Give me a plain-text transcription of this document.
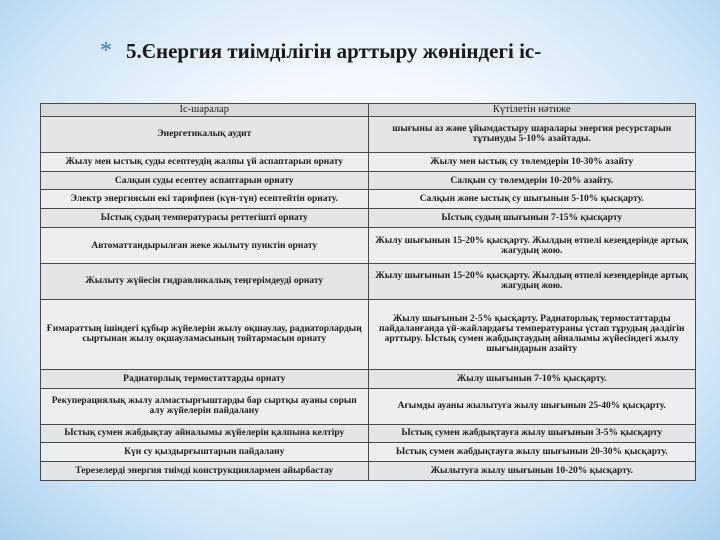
* 5.Єнергия тиімділігін арттыру жөніндегі іс-
Іс-шаралар	Күтілетін нәтиже
Энергетикалық аудит	шығыны аз және ұйымдастыру шаралары энергия ресурстарын тұтынуды 5-10% азайтады.
Жылу мен ыстық суды есептеудің жалпы үй аспаптарын орнату	Жылу мен ыстық су төлемдерін 10-30% азайту
Салқын суды есептеу аспаптарын орнату	Салқын су төлемдерін 10-20% азайту.
Электр энергиясын екі тарифпен (күн-түн) есептейтін орнату.	Салқын және ыстық су шығынын 5-10% қысқарту.
Ыстық судың температурасы реттегішті орнату	Ыстық судың шығынын 7-15% қысқарту
Автоматтандырылған жеке жылыту пунктін орнату	Жылу шығынын 15-20% қысқарту. Жылдың өтпелі кезеңдерінде артық жагудың жою.
Жылыту жүйесін гидравликалық теңгерімдеуді орнату	Жылу шығынын 15-20% қысқарту. Жылдың өтпелі кезеңдерінде артық жагудың жою.
Ғимараттың ішіндегі құбыр жүйелерін жылу оқшаулау, радиаторлардың сыртынан жылу оқшауламасының тойтармасын орнату	Жылу шығынын 2-5% қысқарту. Радиаторлық термостаттарды пайдаланғанда үй-жайлардағы температураны үстап тұрудың дәлдігін арттыру. Ыстық сумен жабдықтаудың айналымы жүйесіндегі жылу шығындарын азайту
Радиаторлық термостаттарды орнату	Жылу шығынын 7-10% қысқарту.
Рекуперациялық жылу алмастырғыштарды бар сыртқы ауаны сорып алу жүйелерін пайдалану	Ағымды ауаны жылытуға жылу шығынын 25-40% қысқарту.
Ыстық сумен жабдықтау айналымы жүйелерін қалпына келтіру	Ыстық сумен жабдықтауға жылу шығынын 3-5% қысқарту
Күн су қыздырғыштарын пайдалану	Ыстық сумен жабдықтауға жылу шығынын 20-30% қысқарту.
Терезелерді энергия тиімді конструкциялармен айырбастау	Жылытуға жылу шығынын 10-20% қысқарту.
